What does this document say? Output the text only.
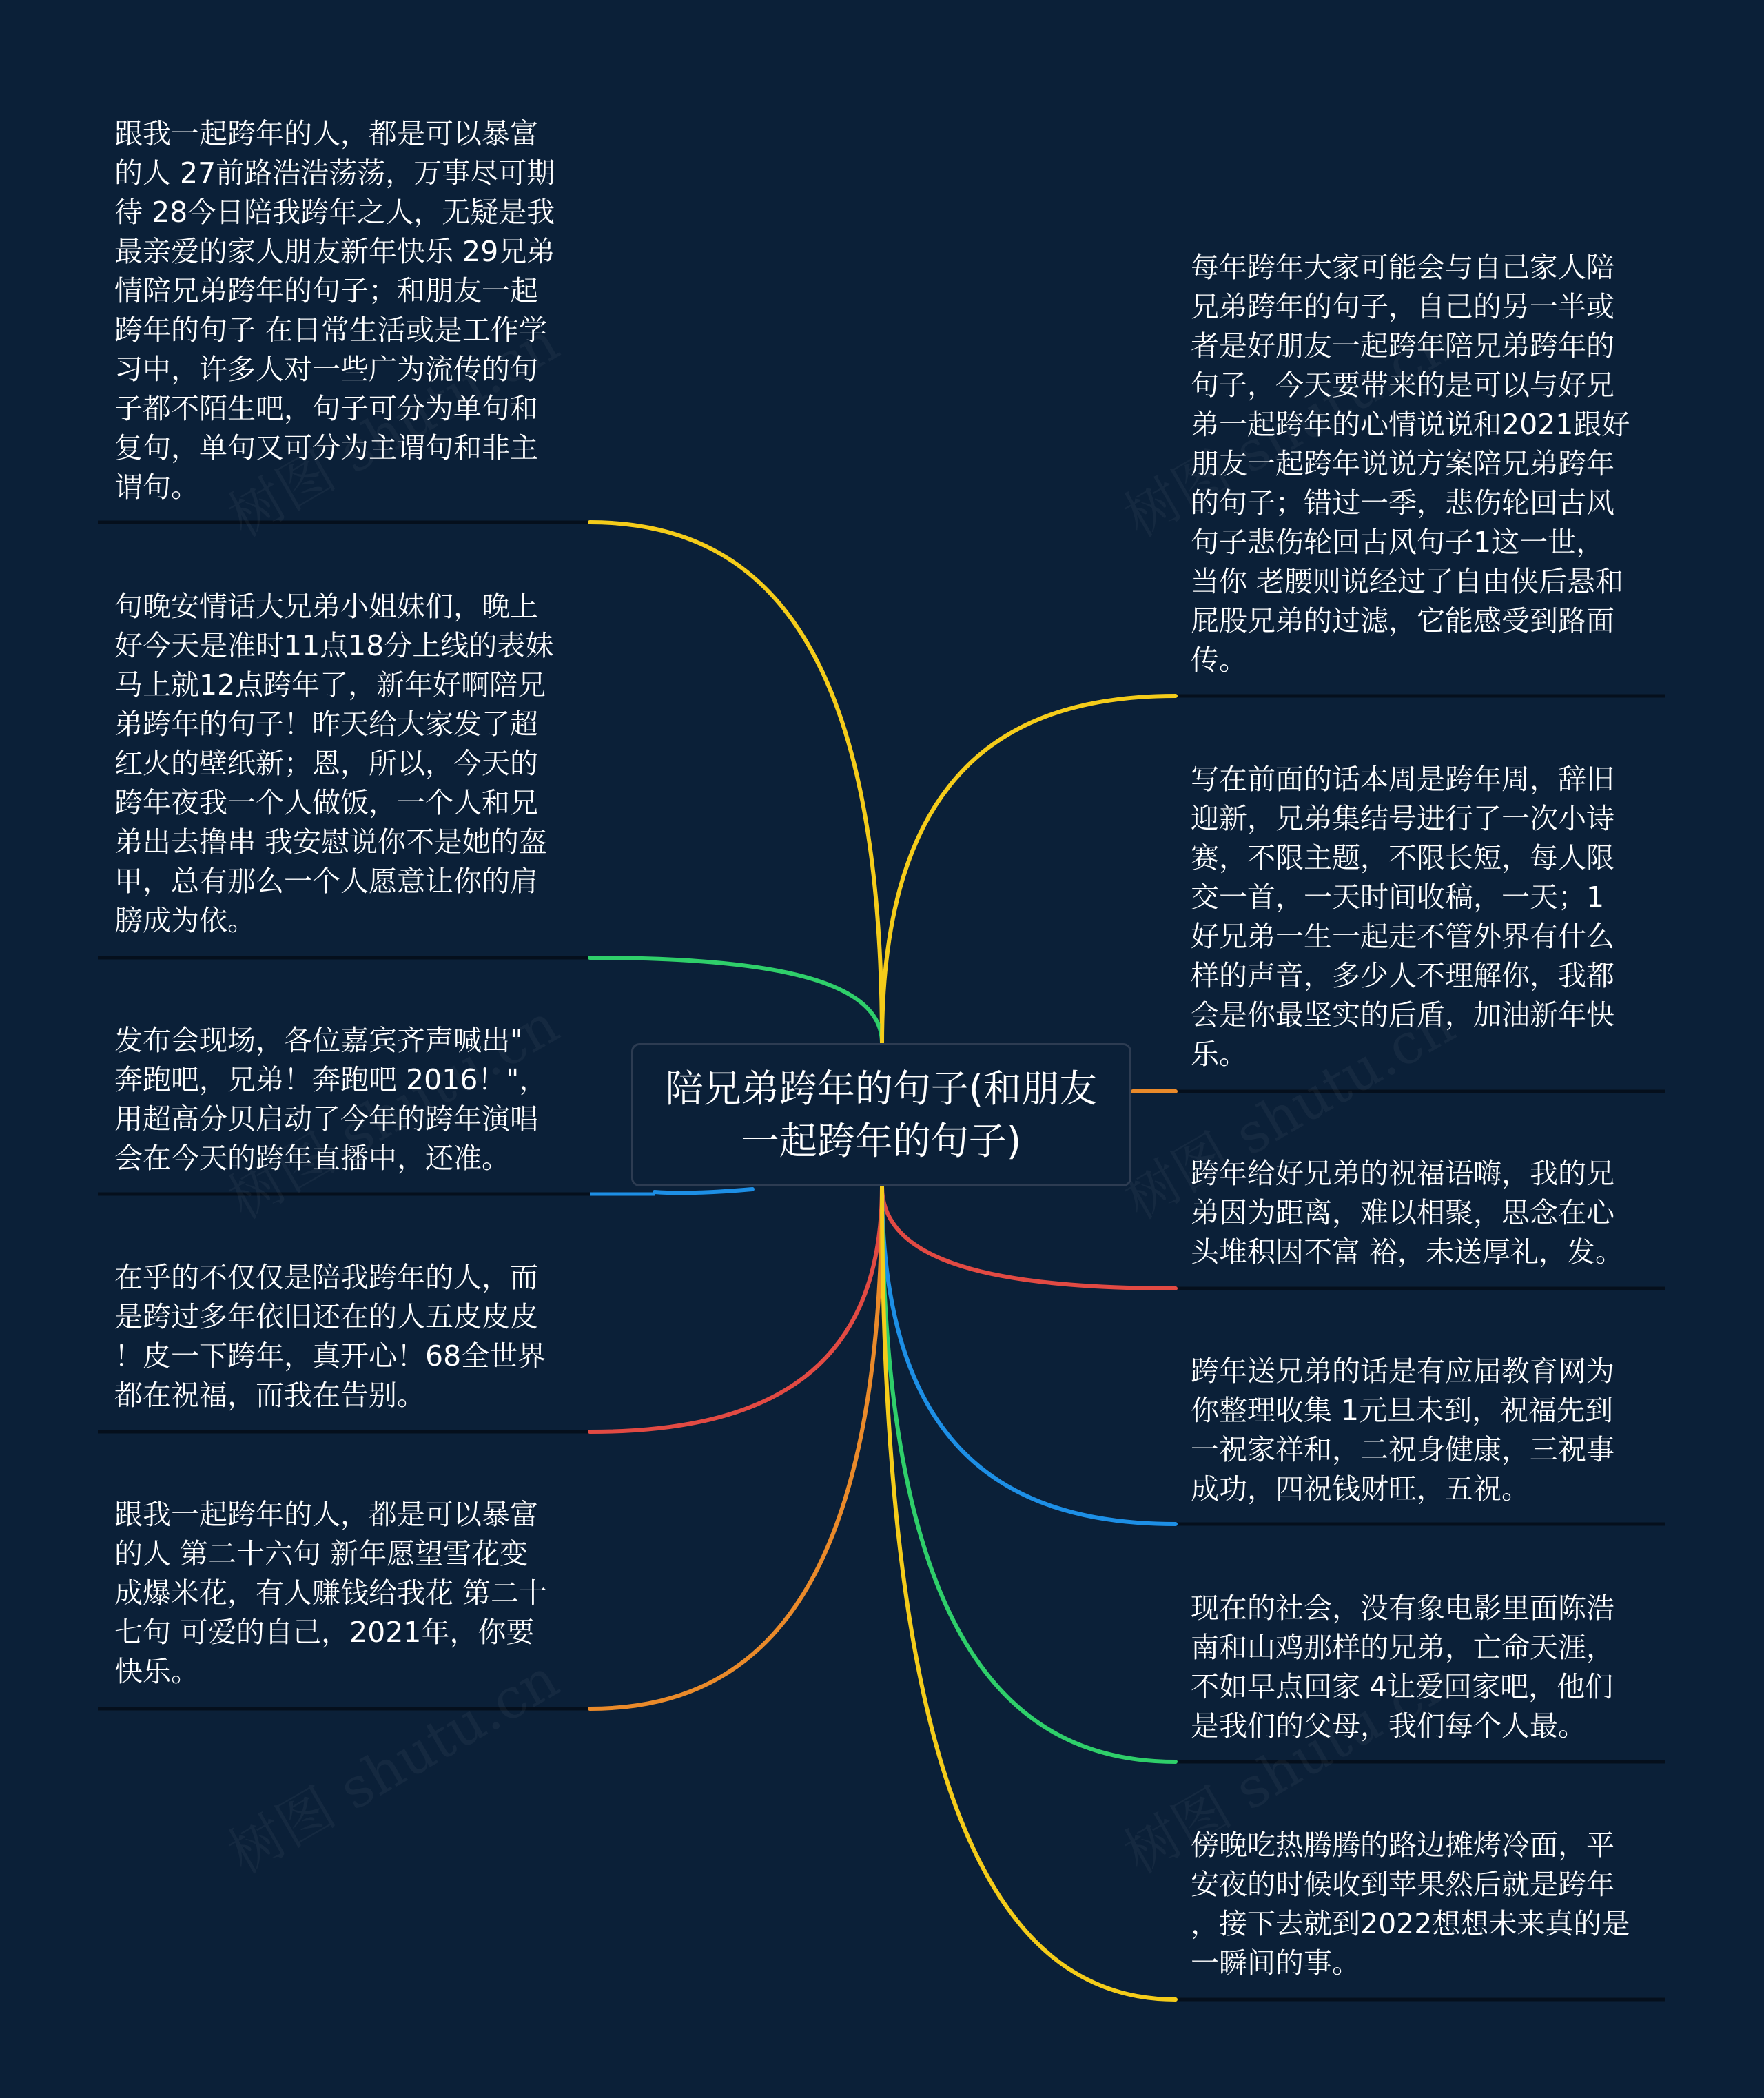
陪兄弟跨年的句子(和朋友
一起跨年的句子)
跟我一起跨年的人，都是可以暴富
的人 27前路浩浩荡荡，万事尽可期
待 28今日陪我跨年之人，无疑是我
最亲爱的家人朋友新年快乐 29兄弟
情陪兄弟跨年的句子；和朋友一起
跨年的句子 在日常生活或是工作学
习中，许多人对一些广为流传的句
子都不陌生吧，句子可分为单句和
复句，单句又可分为主谓句和非主
谓句。
句晚安情话大兄弟小姐妹们，晚上
好今天是准时11点18分上线的表妹
马上就12点跨年了，新年好啊陪兄
弟跨年的句子！昨天给大家发了超
红火的壁纸新；恩，所以，今天的
跨年夜我一个人做饭，一个人和兄
弟出去撸串 我安慰说你不是她的盔
甲，总有那么一个人愿意让你的肩
膀成为依。
发布会现场，各位嘉宾齐声喊出"
奔跑吧，兄弟！奔跑吧 2016！"，
用超高分贝启动了今年的跨年演唱
会在今天的跨年直播中，还准。
在乎的不仅仅是陪我跨年的人，而
是跨过多年依旧还在的人五皮皮皮
！皮一下跨年，真开心！68全世界
都在祝福，而我在告别。
跟我一起跨年的人，都是可以暴富
的人 第二十六句 新年愿望雪花变
成爆米花，有人赚钱给我花 第二十
七句 可爱的自己，2021年，你要
快乐。
每年跨年大家可能会与自己家人陪
兄弟跨年的句子，自己的另一半或
者是好朋友一起跨年陪兄弟跨年的
句子，今天要带来的是可以与好兄
弟一起跨年的心情说说和2021跟好
朋友一起跨年说说方案陪兄弟跨年
的句子；错过一季，悲伤轮回古风
句子悲伤轮回古风句子1这一世，
当你 老腰则说经过了自由侠后悬和
屁股兄弟的过滤，它能感受到路面
传。
写在前面的话本周是跨年周，辞旧
迎新，兄弟集结号进行了一次小诗
赛，不限主题，不限长短，每人限
交一首，一天时间收稿，一天；1
好兄弟一生一起走不管外界有什么
样的声音，多少人不理解你，我都
会是你最坚实的后盾，加油新年快
乐。
跨年给好兄弟的祝福语嗨，我的兄
弟因为距离，难以相聚，思念在心
头堆积因不富 裕，未送厚礼，发。
跨年送兄弟的话是有应届教育网为
你整理收集 1元旦未到，祝福先到
一祝家祥和，二祝身健康，三祝事
成功，四祝钱财旺，五祝。
现在的社会，没有象电影里面陈浩
南和山鸡那样的兄弟，亡命天涯，
不如早点回家 4让爱回家吧，他们
是我们的父母，我们每个人最。
傍晚吃热腾腾的路边摊烤冷面，平
安夜的时候收到苹果然后就是跨年
，接下去就到2022想想未来真的是
一瞬间的事。
